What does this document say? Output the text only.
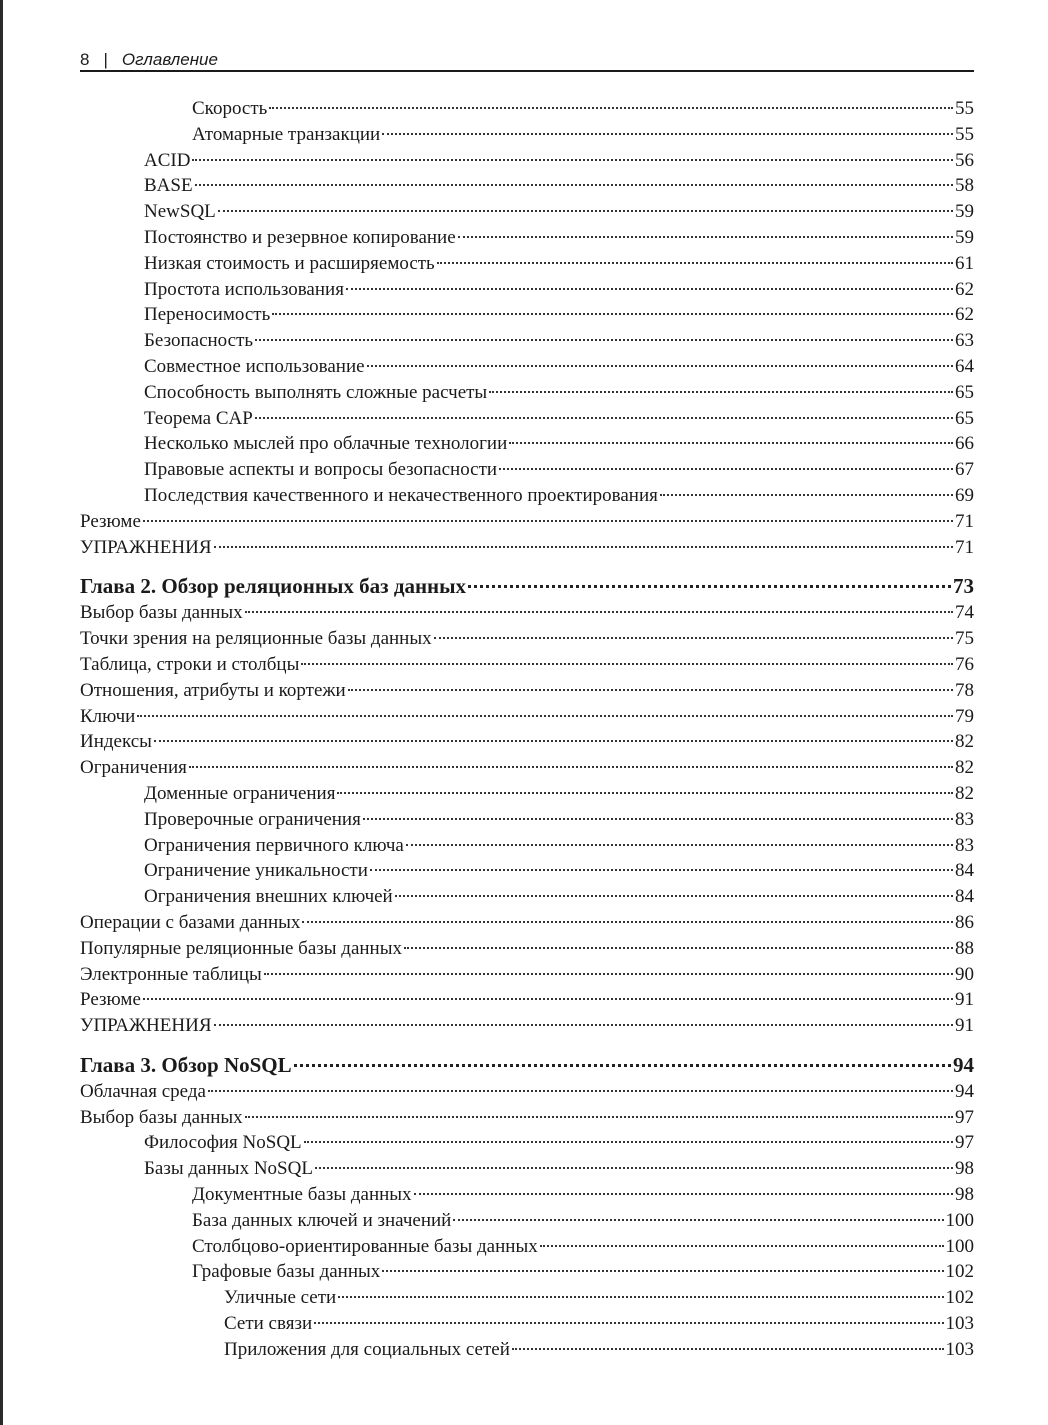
8 | Оглавление
Скорость	55
Атомарные транзакции	55
ACID	56
BASE	58
NewSQL	59
Постоянство и резервное копирование	59
Низкая стоимость и расширяемость	61
Простота использования	62
Переносимость	62
Безопасность	63
Совместное использование	64
Способность выполнять сложные расчеты	65
Теорема CAP	65
Несколько мыслей про облачные технологии	66
Правовые аспекты и вопросы безопасности	67
Последствия качественного и некачественного проектирования	69
Резюме	71
УПРАЖНЕНИЯ	71
Глава 2. Обзор реляционных баз данных	73
Выбор базы данных	74
Точки зрения на реляционные базы данных	75
Таблица, строки и столбцы	76
Отношения, атрибуты и кортежи	78
Ключи	79
Индексы	82
Ограничения	82
Доменные ограничения	82
Проверочные ограничения	83
Ограничения первичного ключа	83
Ограничение уникальности	84
Ограничения внешних ключей	84
Операции с базами данных	86
Популярные реляционные базы данных	88
Электронные таблицы	90
Резюме	91
УПРАЖНЕНИЯ	91
Глава 3. Обзор NoSQL	94
Облачная среда	94
Выбор базы данных	97
Философия NoSQL	97
Базы данных NoSQL	98
Документные базы данных	98
База данных ключей и значений	100
Столбцово-ориентированные базы данных	100
Графовые базы данных	102
Уличные сети	102
Сети связи	103
Приложения для социальных сетей	103
